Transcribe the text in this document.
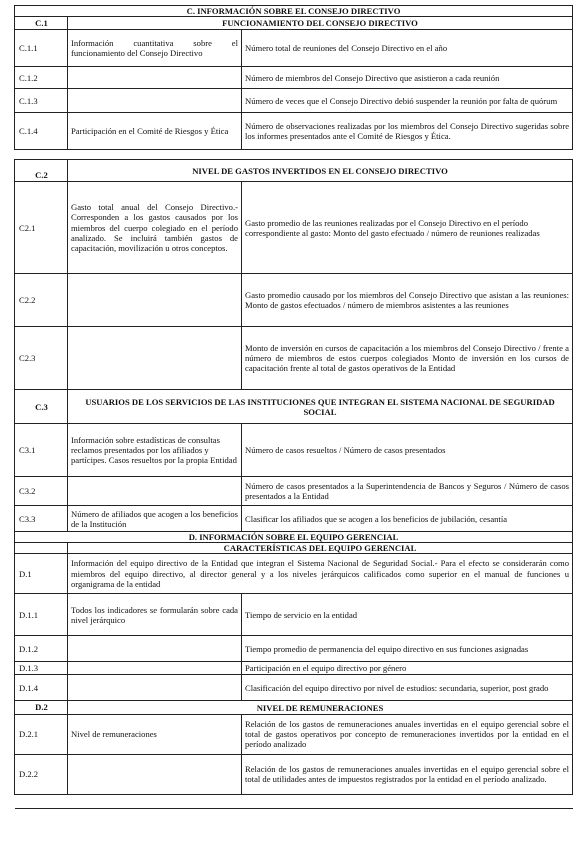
C. INFORMACIÓN SOBRE EL CONSEJO DIRECTIVO		
C.1	FUNCIONAMIENTO DEL CONSEJO DIRECTIVO	
C.1.1	Información cuantitativa sobre el funcionamiento del Consejo Directivo	Número total de reuniones del Consejo Directivo en el año
C.1.2		Número de miembros del Consejo Directivo que asistieron a cada reunión
C.1.3		Número de veces que el Consejo Directivo debió suspender la reunión por falta de quórum
C.1.4	Participación en el Comité de Riesgos y Ética	Número de observaciones realizadas por los miembros del Consejo Directivo sugeridas sobre los informes presentados ante el Comité de Riesgos y Ética.
C.2	NIVEL DE GASTOS INVERTIDOS EN EL CONSEJO DIRECTIVO	
C2.1	Gasto total anual del Consejo Directivo.- Corresponden a los gastos causados por los miembros del cuerpo colegiado en el período analizado. Se incluirá también gastos de capacitación, movilización u otros conceptos.	Gasto promedio de las reuniones realizadas por el Consejo Directivo en el período correspondiente al gasto: Monto del gasto efectuado / número de reuniones realizadas
C2.2		Gasto promedio causado por los miembros del Consejo Directivo que asistan a las reuniones: Monto de gastos efectuados / número de miembros asistentes a las reuniones
C2.3		Monto de inversión en cursos de capacitación a los miembros del Consejo Directivo / frente a número de miembros de estos cuerpos colegiados Monto de inversión en los cursos de capacitación frente al total de gastos operativos de la Entidad
C.3	USUARIOS DE LOS SERVICIOS DE LAS INSTITUCIONES QUE INTEGRAN EL SISTEMA NACIONAL DE SEGURIDAD SOCIAL	
C3.1	Información sobre estadísticas de consultas reclamos presentados por los afiliados y partícipes. Casos resueltos por la propia Entidad	Número de casos resueltos / Número de casos presentados
C3.2		Número de casos presentados a la Superintendencia de Bancos y Seguros / Número de casos presentados a la Entidad
C3.3	Número de afiliados que acogen a los beneficios de la Institución	Clasificar los afiliados que se acogen a los beneficios de jubilación, cesantía
D. INFORMACIÓN SOBRE EL EQUIPO GERENCIAL		
	CARACTERÍSTICAS DEL EQUIPO GERENCIAL	
D.1	Información del equipo directivo de la Entidad que integran el Sistema Nacional de Seguridad Social.- Para el efecto se considerarán como miembros del equipo directivo, al director general y a los niveles jerárquicos calificados como superior en el manual de funciones u organigrama de la entidad	
D.1.1	Todos los indicadores se formularán sobre cada nivel jerárquico	Tiempo de servicio en la entidad
D.1.2		Tiempo promedio de permanencia del equipo directivo en sus funciones asignadas
D.1.3		Participación en el equipo directivo por género
D.1.4		Clasificación del equipo directivo por nivel de estudios: secundaria, superior, post grado
D.2	NIVEL DE REMUNERACIONES	
D.2.1	Nivel de remuneraciones	Relación de los gastos de remuneraciones anuales invertidas en el equipo gerencial sobre el total de gastos operativos por concepto de remuneraciones invertidos por la entidad en el período analizado
D.2.2		Relación de los gastos de remuneraciones anuales invertidas en el equipo gerencial sobre el total de utilidades antes de impuestos registrados por la entidad en el período analizado.
